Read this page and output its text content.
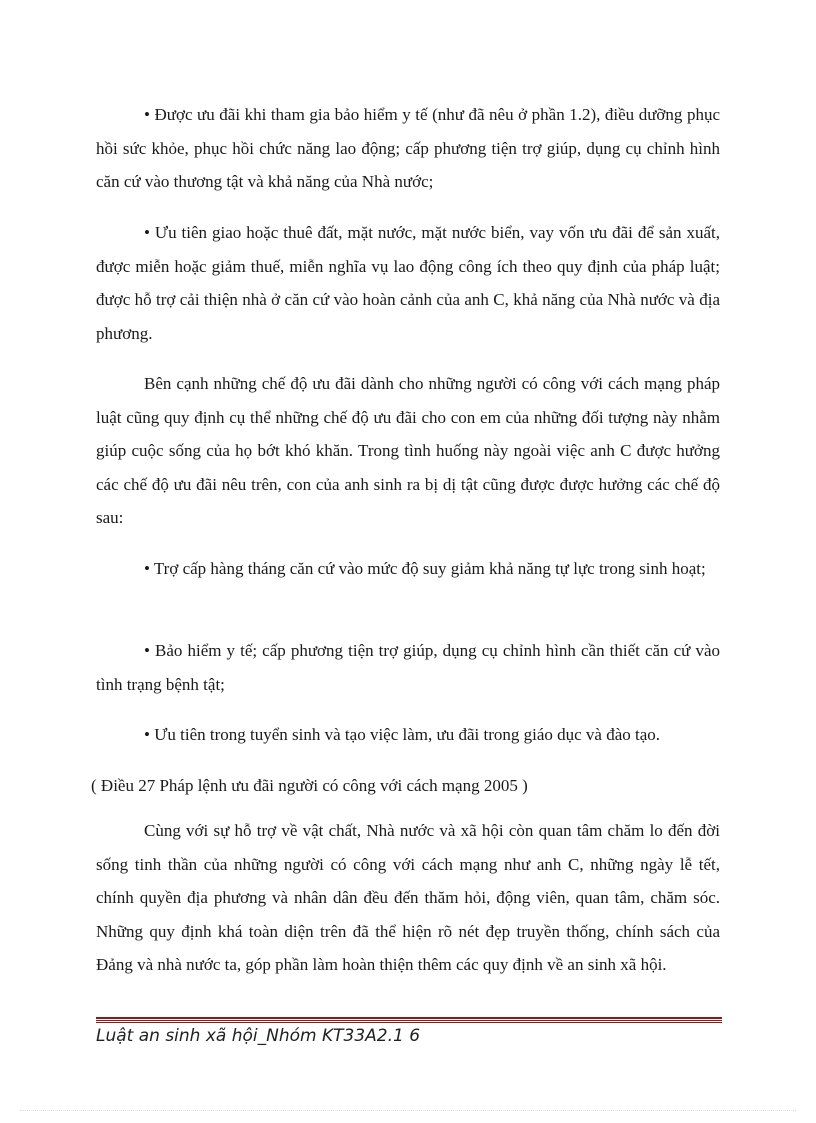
• Được ưu đãi khi tham gia bảo hiểm y tế (như đã nêu ở phần 1.2), điều dưỡng phục hồi sức khỏe, phục hồi chức năng lao động; cấp phương tiện trợ giúp, dụng cụ chỉnh hình căn cứ vào thương tật và khả năng của Nhà nước;

• Ưu tiên giao hoặc thuê đất, mặt nước, mặt nước biển, vay vốn ưu đãi để sản xuất, được miễn hoặc giảm thuế, miễn nghĩa vụ lao động công ích theo quy định của pháp luật; được hỗ trợ cải thiện nhà ở căn cứ vào hoàn cảnh của anh C, khả năng của Nhà nước và địa phương.

Bên cạnh những chế độ ưu đãi dành cho những người có công với cách mạng pháp luật cũng quy định cụ thể những chế độ ưu đãi cho con em của những đối tượng này nhằm giúp cuộc sống của họ bớt khó khăn. Trong tình huống này ngoài việc anh C được hưởng các chế độ ưu đãi nêu trên, con của anh sinh ra bị dị tật cũng được được hưởng các chế độ sau:

• Trợ cấp hàng tháng căn cứ vào mức độ suy giảm khả năng tự lực trong sinh hoạt;

• Bảo hiểm y tế; cấp phương tiện trợ giúp, dụng cụ chỉnh hình cần thiết căn cứ vào tình trạng bệnh tật;

• Ưu tiên trong tuyển sinh và tạo việc làm, ưu đãi trong giáo dục và đào tạo.

( Điều 27 Pháp lệnh ưu đãi người có công với cách mạng 2005 )

Cùng với sự hỗ trợ về vật chất, Nhà nước và xã hội còn quan tâm chăm lo đến đời sống tinh thần của những người có công với cách mạng như anh C, những ngày lễ tết, chính quyền địa phương và nhân dân đều đến thăm hỏi, động viên, quan tâm, chăm sóc. Những quy định khá toàn diện trên đã thể hiện rõ nét đẹp truyền thống, chính sách của Đảng và nhà nước ta, góp phần làm hoàn thiện thêm các quy định về an sinh xã hội.

Luật an sinh xã hội_Nhóm KT33A2.1 6
